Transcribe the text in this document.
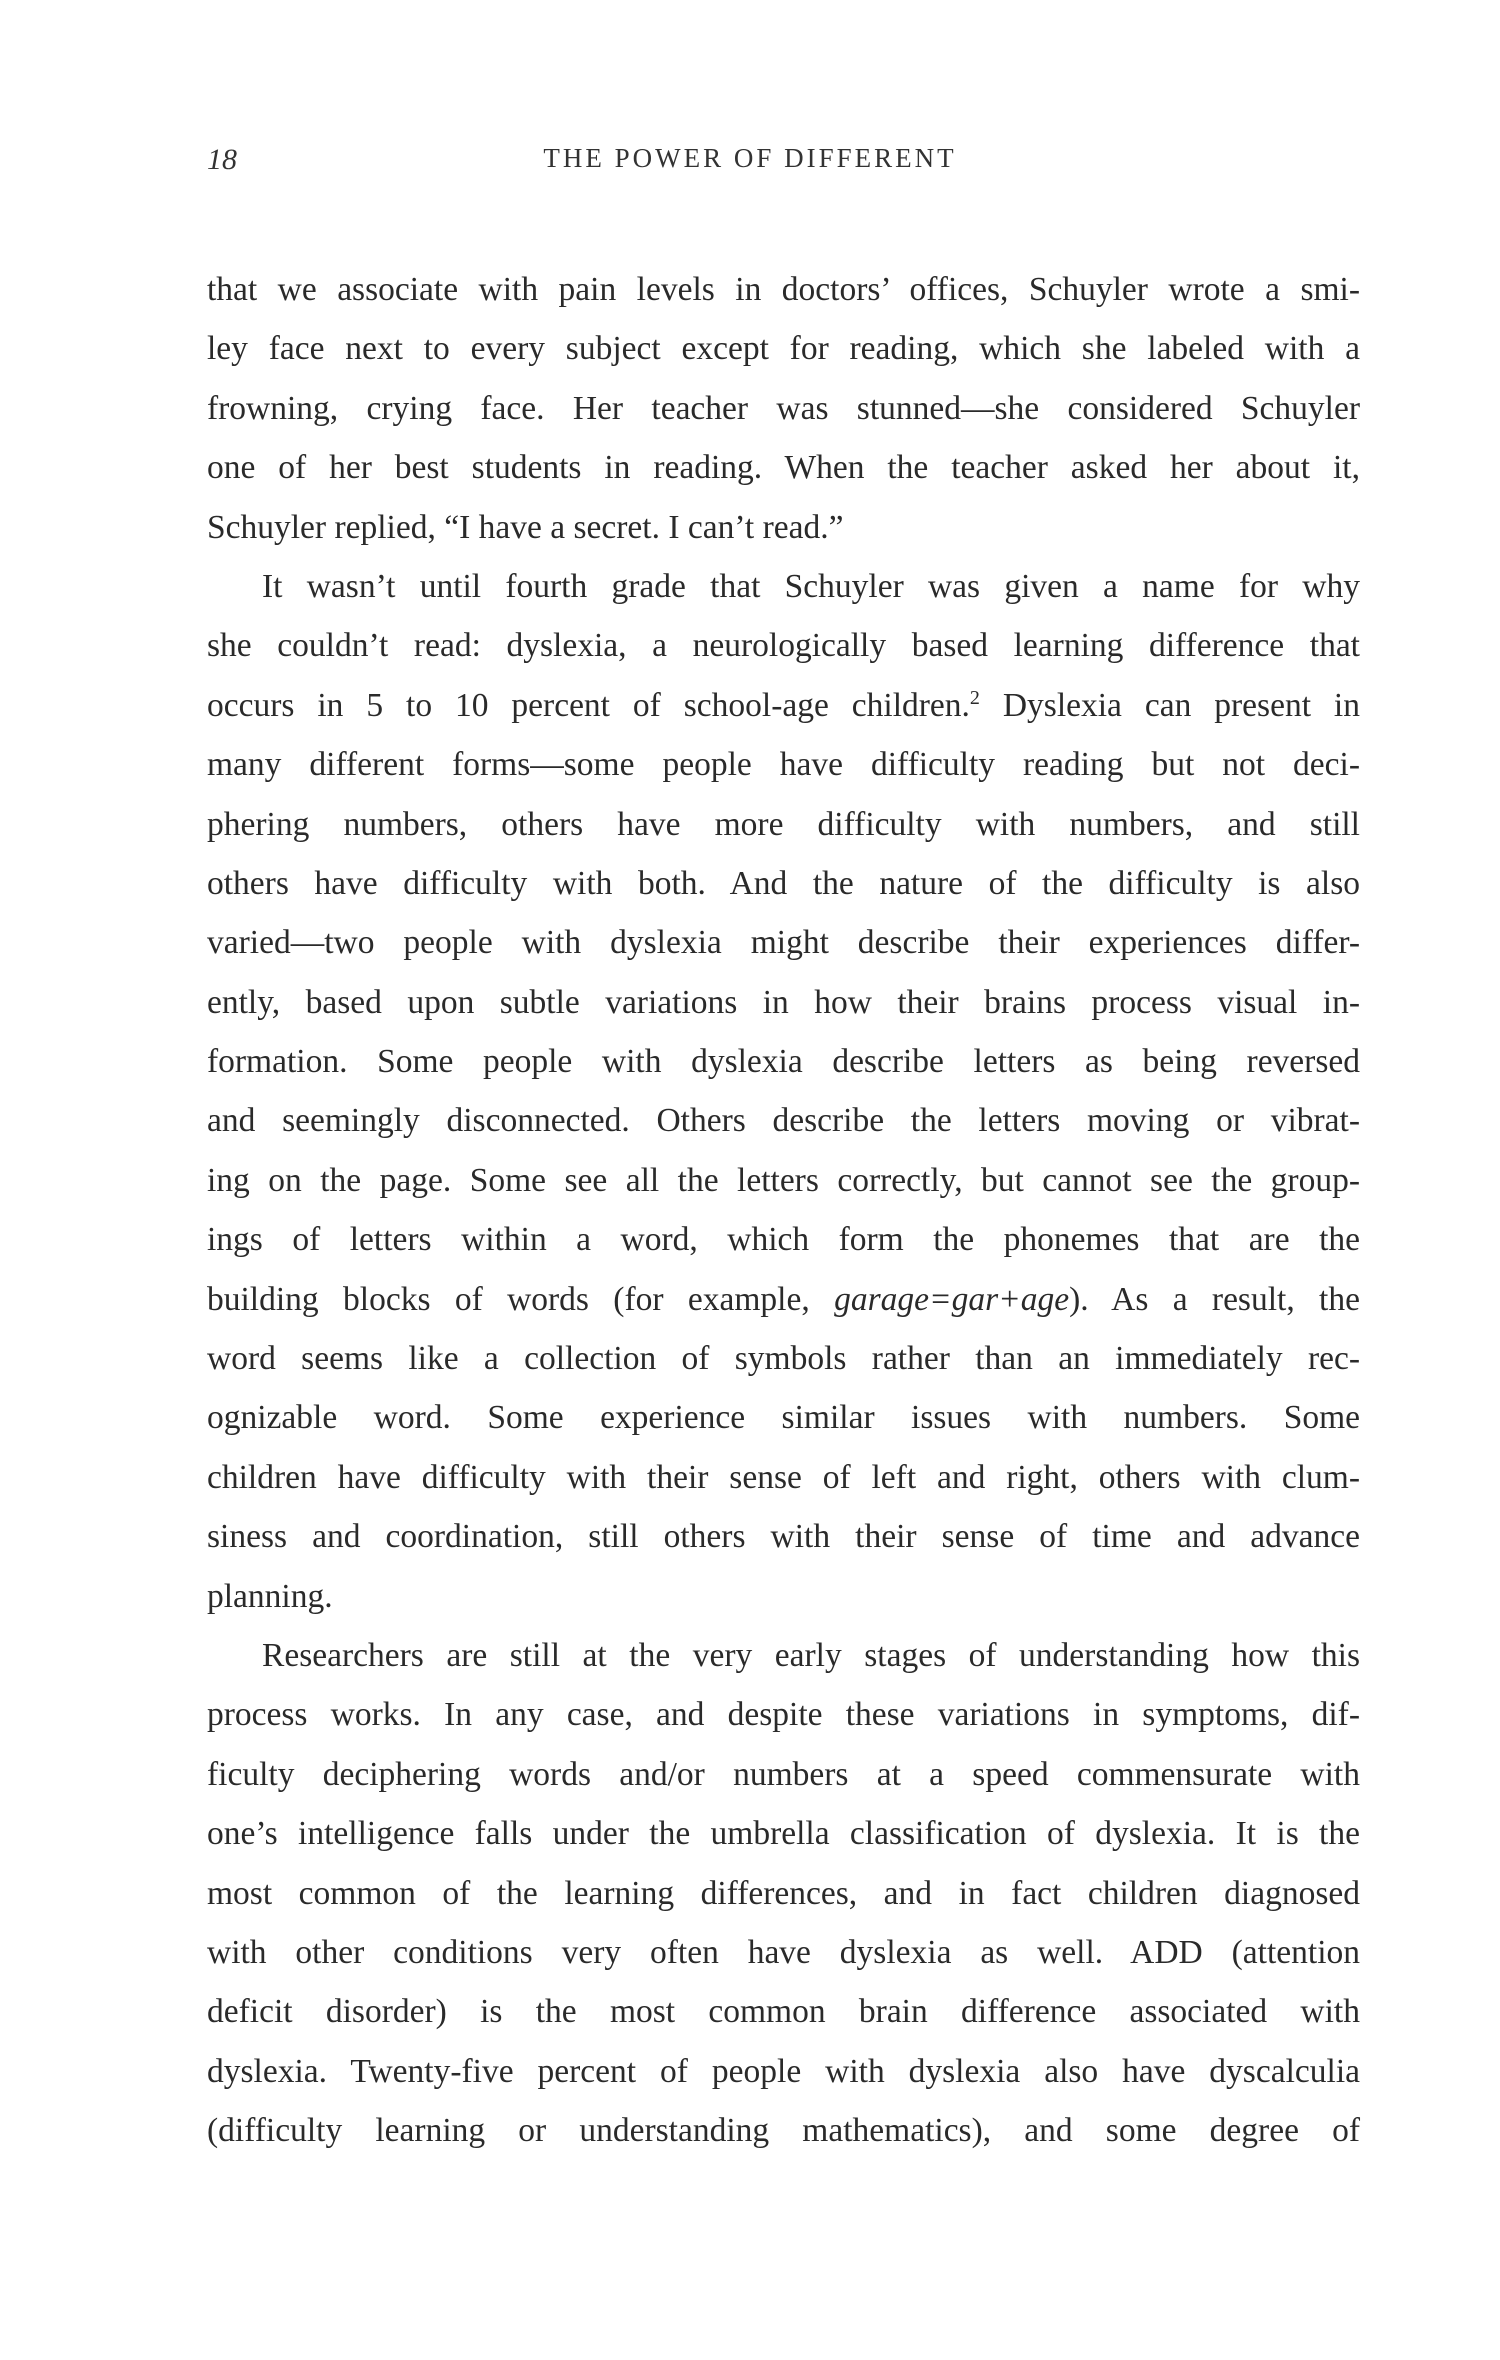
18	THE POWER OF DIFFERENT
that we associate with pain levels in doctors’ offices, Schuyler wrote a smi-
ley face next to every subject except for reading, which she labeled with a
frowning, crying face. Her teacher was stunned—she considered Schuyler
one of her best students in reading. When the teacher asked her about it,
Schuyler replied, “I have a secret. I can’t read.”
It wasn’t until fourth grade that Schuyler was given a name for why
she couldn’t read: dyslexia, a neurologically based learning difference that
occurs in 5 to 10 percent of school-age children.$^2$ Dyslexia can present in
many different forms—some people have difficulty reading but not deci-
phering numbers, others have more difficulty with numbers, and still
others have difficulty with both. And the nature of the difficulty is also
varied—two people with dyslexia might describe their experiences differ-
ently, based upon subtle variations in how their brains process visual in-
formation. Some people with dyslexia describe letters as being reversed
and seemingly disconnected. Others describe the letters moving or vibrat-
ing on the page. Some see all the letters correctly, but cannot see the group-
ings of letters within a word, which form the phonemes that are the
building blocks of words (for example, garage=gar+age). As a result, the
word seems like a collection of symbols rather than an immediately rec-
ognizable word. Some experience similar issues with numbers. Some
children have difficulty with their sense of left and right, others with clum-
siness and coordination, still others with their sense of time and advance
planning.
Researchers are still at the very early stages of understanding how this
process works. In any case, and despite these variations in symptoms, dif-
ficulty deciphering words and/or numbers at a speed commensurate with
one’s intelligence falls under the umbrella classification of dyslexia. It is the
most common of the learning differences, and in fact children diagnosed
with other conditions very often have dyslexia as well. ADD (attention
deficit disorder) is the most common brain difference associated with
dyslexia. Twenty-five percent of people with dyslexia also have dyscalculia
(difficulty learning or understanding mathematics), and some degree of
